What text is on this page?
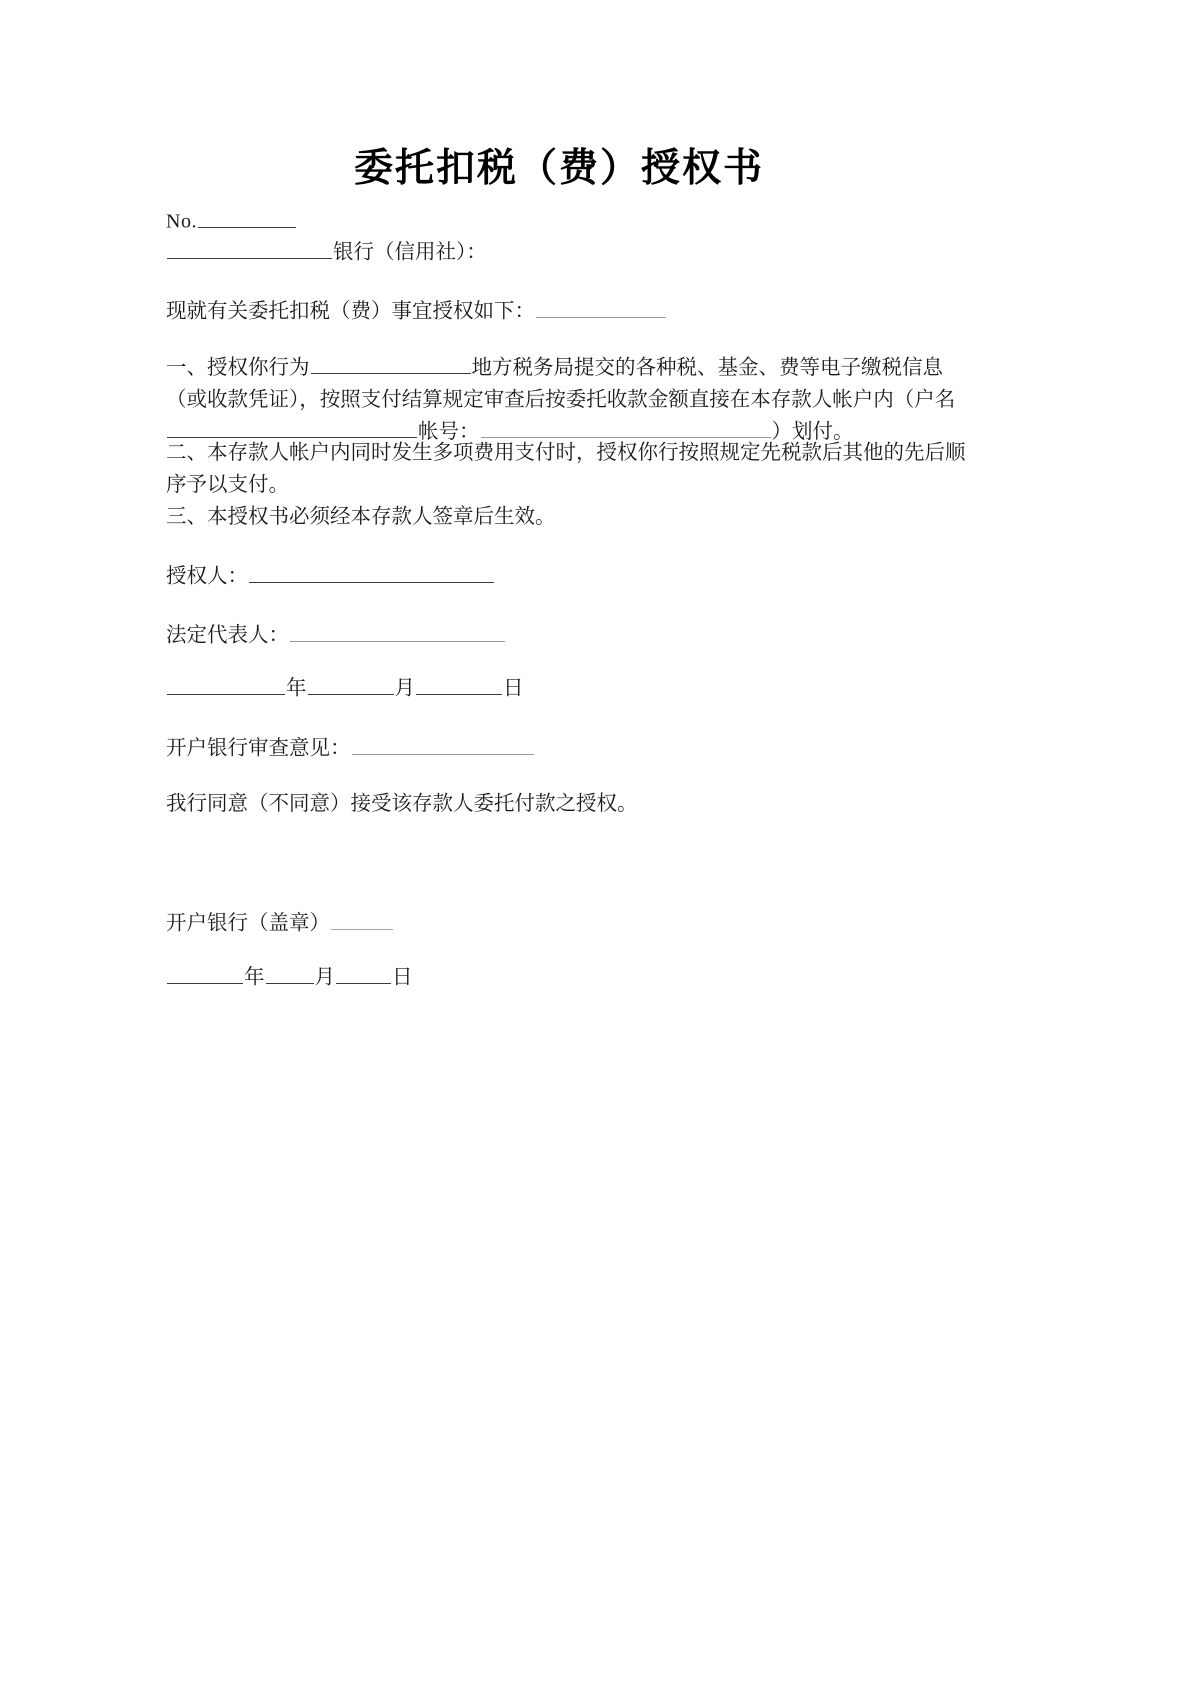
委托扣税（费）授权书
No.
银行（信用社）：
现就有关委托扣税（费）事宜授权如下：
一、授权你行为	地方税务局提交的各种税、基金、费等电子缴税信息
（或收款凭证），按照支付结算规定审查后按委托收款金额直接在本存款人帐户内（户名
帐号：	）划付。
二、本存款人帐户内同时发生多项费用支付时，授权你行按照规定先税款后其他的先后顺
序予以支付。
三、本授权书必须经本存款人签章后生效。
授权人：
法定代表人：
年	月	日
开户银行审查意见：
我行同意（不同意）接受该存款人委托付款之授权。
开户银行（盖章）
年 月	日
